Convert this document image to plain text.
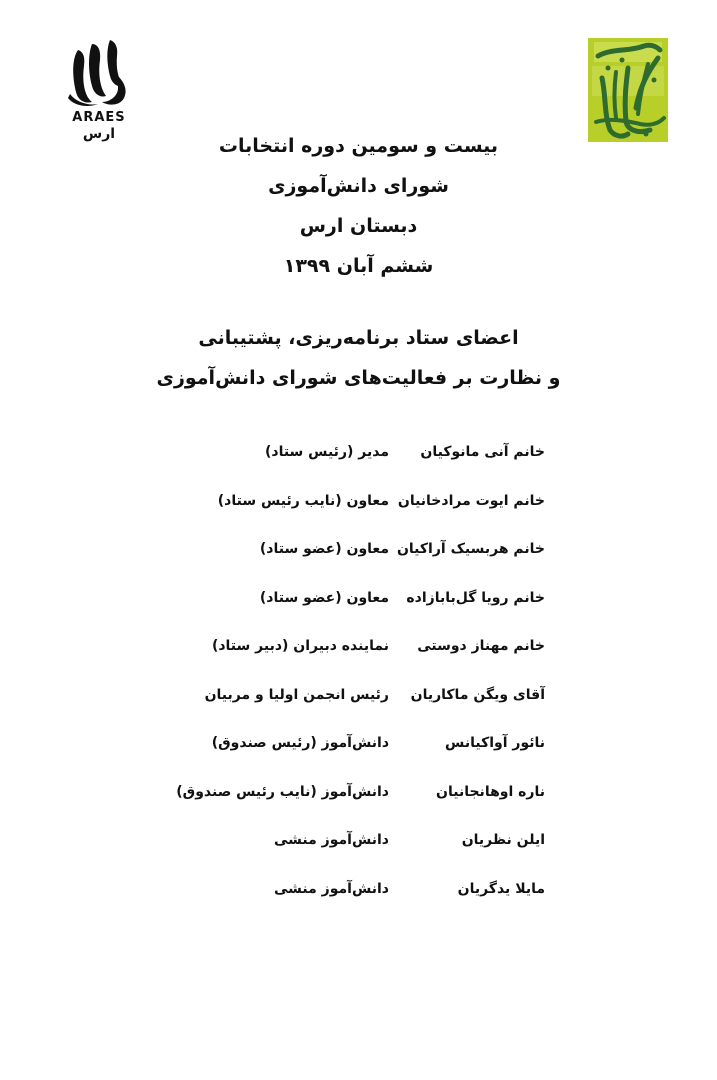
ARAES
ارس
بیست و سومین دوره انتخابات
شورای دانش‌آموزی
دبستان ارس
ششم آبان ۱۳۹۹
اعضای ستاد برنامه‌ریزی، پشتیبانی
و نظارت بر فعالیت‌های شورای دانش‌آموزی
خانم آنی مانوکیان
مدیر (رئیس ستاد)
خانم ایوت مرادخانیان
معاون (نایب رئیس ستاد)
خانم هربسیک آراکیان
معاون (عضو ستاد)
خانم رویا گل‌بابازاده
معاون (عضو ستاد)
خانم مهناز دوستی
نماینده دبیران (دبیر ستاد)
آقای ویگن ماکاریان
رئیس انجمن اولیا و مربیان
نائور آواکیانس
دانش‌آموز (رئیس صندوق)
ناره اوهانجانیان
دانش‌آموز (نایب رئیس صندوق)
ایلن نظریان
دانش‌آموز منشی
مایلا یدگریان
دانش‌آموز منشی
